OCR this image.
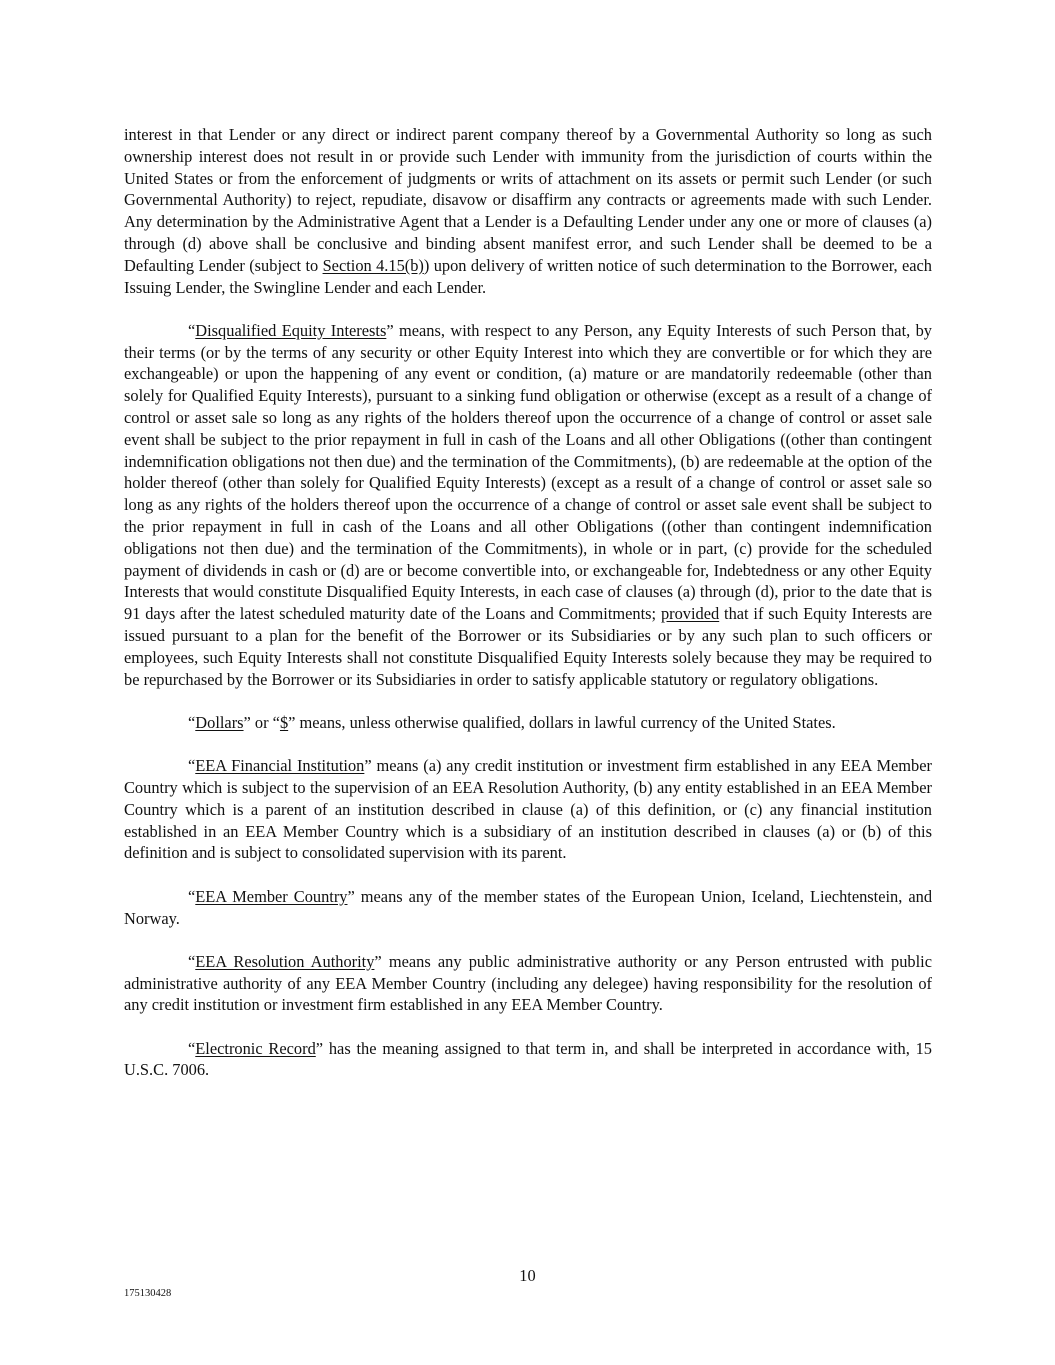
interest in that Lender or any direct or indirect parent company thereof by a Governmental Authority so long as such ownership interest does not result in or provide such Lender with immunity from the jurisdiction of courts within the United States or from the enforcement of judgments or writs of attachment on its assets or permit such Lender (or such Governmental Authority) to reject, repudiate, disavow or disaffirm any contracts or agreements made with such Lender. Any determination by the Administrative Agent that a Lender is a Defaulting Lender under any one or more of clauses (a) through (d) above shall be conclusive and binding absent manifest error, and such Lender shall be deemed to be a Defaulting Lender (subject to Section 4.15(b)) upon delivery of written notice of such determination to the Borrower, each Issuing Lender, the Swingline Lender and each Lender.

“Disqualified Equity Interests” means, with respect to any Person, any Equity Interests of such Person that, by their terms (or by the terms of any security or other Equity Interest into which they are convertible or for which they are exchangeable) or upon the happening of any event or condition, (a) mature or are mandatorily redeemable (other than solely for Qualified Equity Interests), pursuant to a sinking fund obligation or otherwise (except as a result of a change of control or asset sale so long as any rights of the holders thereof upon the occurrence of a change of control or asset sale event shall be subject to the prior repayment in full in cash of the Loans and all other Obligations ((other than contingent indemnification obligations not then due) and the termination of the Commitments), (b) are redeemable at the option of the holder thereof (other than solely for Qualified Equity Interests) (except as a result of a change of control or asset sale so long as any rights of the holders thereof upon the occurrence of a change of control or asset sale event shall be subject to the prior repayment in full in cash of the Loans and all other Obligations ((other than contingent indemnification obligations not then due) and the termination of the Commitments), in whole or in part, (c) provide for the scheduled payment of dividends in cash or (d) are or become convertible into, or exchangeable for, Indebtedness or any other Equity Interests that would constitute Disqualified Equity Interests, in each case of clauses (a) through (d), prior to the date that is 91 days after the latest scheduled maturity date of the Loans and Commitments; provided that if such Equity Interests are issued pursuant to a plan for the benefit of the Borrower or its Subsidiaries or by any such plan to such officers or employees, such Equity Interests shall not constitute Disqualified Equity Interests solely because they may be required to be repurchased by the Borrower or its Subsidiaries in order to satisfy applicable statutory or regulatory obligations.

“Dollars” or “$” means, unless otherwise qualified, dollars in lawful currency of the United States.

“EEA Financial Institution” means (a) any credit institution or investment firm established in any EEA Member Country which is subject to the supervision of an EEA Resolution Authority, (b) any entity established in an EEA Member Country which is a parent of an institution described in clause (a) of this definition, or (c) any financial institution established in an EEA Member Country which is a subsidiary of an institution described in clauses (a) or (b) of this definition and is subject to consolidated supervision with its parent.

“EEA Member Country” means any of the member states of the European Union, Iceland, Liechtenstein, and Norway.

“EEA Resolution Authority” means any public administrative authority or any Person entrusted with public administrative authority of any EEA Member Country (including any delegee) having responsibility for the resolution of any credit institution or investment firm established in any EEA Member Country.

“Electronic Record” has the meaning assigned to that term in, and shall be interpreted in accordance with, 15 U.S.C. 7006.

10
175130428
